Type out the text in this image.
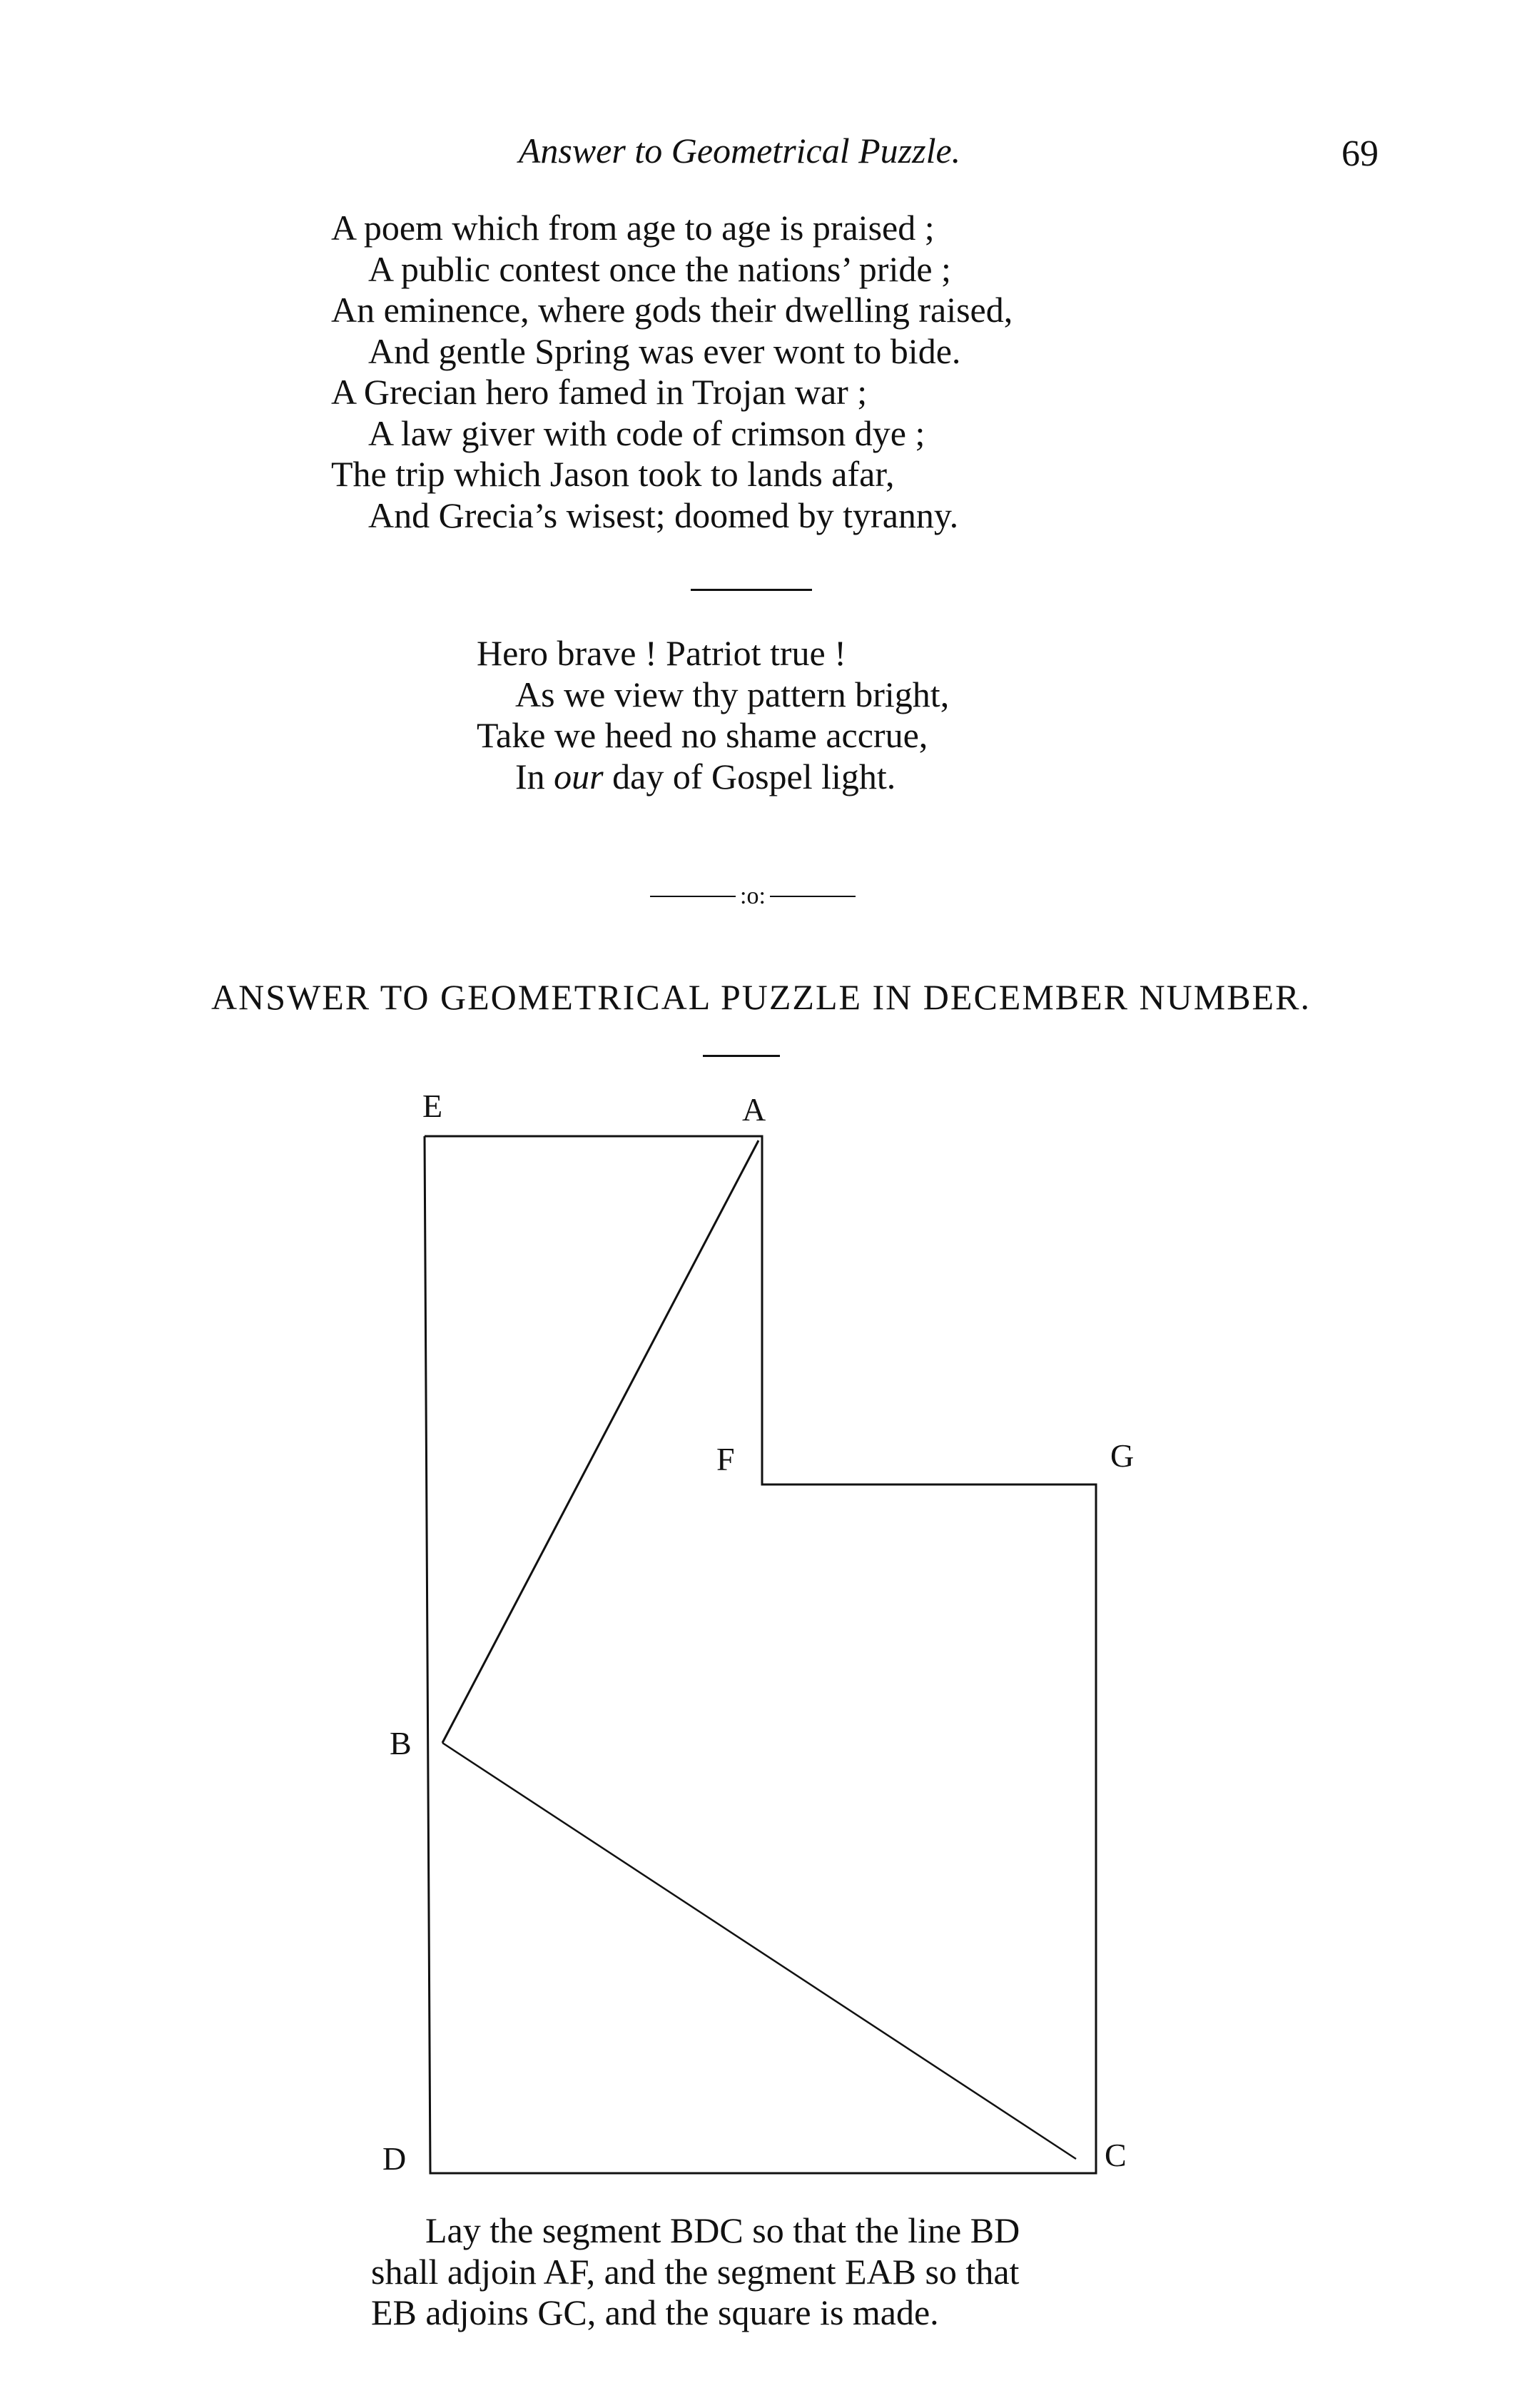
Answer to Geometrical Puzzle.	69
A poem which from age to age is praised ;
A public contest once the nations’ pride ;
An eminence, where gods their dwelling raised,
And gentle Spring was ever wont to bide.
A Grecian hero famed in Trojan war ;
A law giver with code of crimson dye ;
The trip which Jason took to lands afar,
And Grecia’s wisest; doomed by tyranny.
Hero brave ! Patriot true !
As we view thy pattern bright,
Take we heed no shame accrue,
In our day of Gospel light.
:o:
ANSWER TO GEOMETRICAL PUZZLE IN DECEMBER NUMBER.
E	A
F	G
B
D	C
Lay the segment BDC so that the line BD
shall adjoin AF, and the segment EAB so that
EB adjoins GC, and the square is made.
